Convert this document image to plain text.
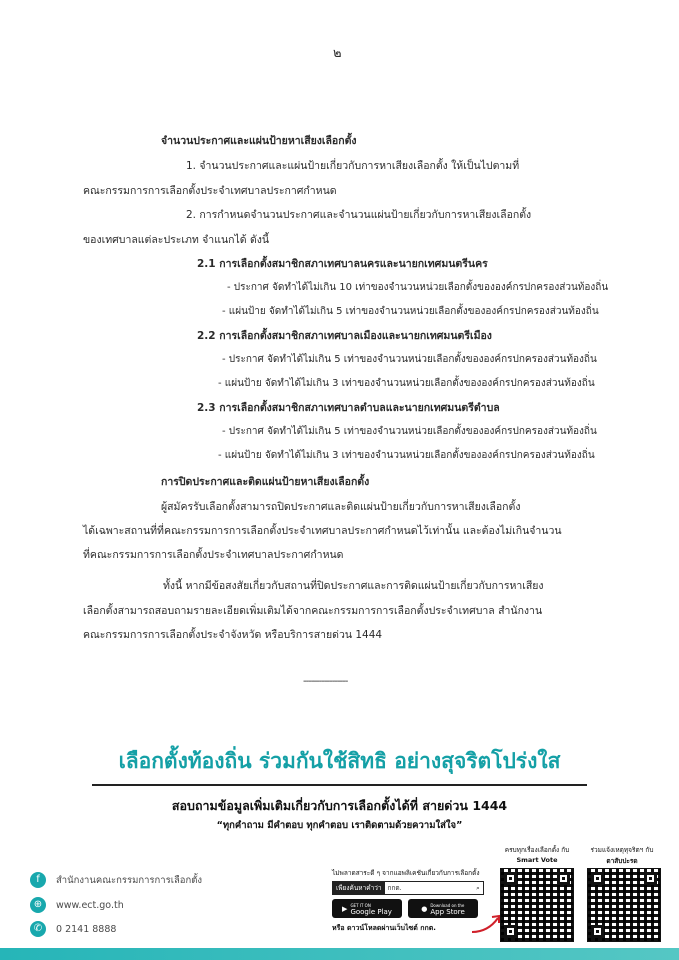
๒
จำนวนประกาศและแผ่นป้ายหาเสียงเลือกตั้ง
1. จำนวนประกาศและแผ่นป้ายเกี่ยวกับการหาเสียงเลือกตั้ง ให้เป็นไปตามที่
คณะกรรมการการเลือกตั้งประจำเทศบาลประกาศกำหนด
2. การกำหนดจำนวนประกาศและจำนวนแผ่นป้ายเกี่ยวกับการหาเสียงเลือกตั้ง
ของเทศบาลแต่ละประเภท จำแนกได้ ดังนี้
2.1 การเลือกตั้งสมาชิกสภาเทศบาลนครและนายกเทศมนตรีนคร
- ประกาศ จัดทำได้ไม่เกิน 10 เท่าของจำนวนหน่วยเลือกตั้งขององค์กรปกครองส่วนท้องถิ่น
- แผ่นป้าย จัดทำได้ไม่เกิน 5 เท่าของจำนวนหน่วยเลือกตั้งขององค์กรปกครองส่วนท้องถิ่น
2.2 การเลือกตั้งสมาชิกสภาเทศบาลเมืองและนายกเทศมนตรีเมือง
- ประกาศ จัดทำได้ไม่เกิน 5 เท่าของจำนวนหน่วยเลือกตั้งขององค์กรปกครองส่วนท้องถิ่น
- แผ่นป้าย จัดทำได้ไม่เกิน 3 เท่าของจำนวนหน่วยเลือกตั้งขององค์กรปกครองส่วนท้องถิ่น
2.3 การเลือกตั้งสมาชิกสภาเทศบาลตำบลและนายกเทศมนตรีตำบล
- ประกาศ จัดทำได้ไม่เกิน 5 เท่าของจำนวนหน่วยเลือกตั้งขององค์กรปกครองส่วนท้องถิ่น
- แผ่นป้าย จัดทำได้ไม่เกิน 3 เท่าของจำนวนหน่วยเลือกตั้งขององค์กรปกครองส่วนท้องถิ่น
การปิดประกาศและติดแผ่นป้ายหาเสียงเลือกตั้ง
ผู้สมัครรับเลือกตั้งสามารถปิดประกาศและติดแผ่นป้ายเกี่ยวกับการหาเสียงเลือกตั้ง
ได้เฉพาะสถานที่ที่คณะกรรมการการเลือกตั้งประจำเทศบาลประกาศกำหนดไว้เท่านั้น และต้องไม่เกินจำนวน
ที่คณะกรรมการการเลือกตั้งประจำเทศบาลประกาศกำหนด
ทั้งนี้ หากมีข้อสงสัยเกี่ยวกับสถานที่ปิดประกาศและการติดแผ่นป้ายเกี่ยวกับการหาเสียง
เลือกตั้งสามารถสอบถามรายละเอียดเพิ่มเติมได้จากคณะกรรมการการเลือกตั้งประจำเทศบาล สำนักงาน
คณะกรรมการการเลือกตั้งประจำจังหวัด หรือบริการสายด่วน 1444
-----------------
เลือกตั้งท้องถิ่น ร่วมกันใช้สิทธิ อย่างสุจริตโปร่งใส
สอบถามข้อมูลเพิ่มเติมเกี่ยวกับการเลือกตั้งได้ที่ สายด่วน 1444
“ทุกคำถาม มีคำตอบ ทุกคำตอบ เราติดตามด้วยความใส่ใจ”
f	สำนักงานคณะกรรมการการเลือกตั้ง
⊕	www.ect.go.th
✆	0 2141 8888
ไม่พลาดสาระดี ๆ จากแอพลิเคชันเกี่ยวกับการเลือกตั้ง
เพียงค้นหาคำว่า กกต.	⌕
▶ GET IT ON
Google Play	● Download on the
App Store
หรือ ดาวน์โหลดผ่านเว็บไซต์ กกต.
ครบทุกเรื่องเลือกตั้ง กับ
Smart Vote
ร่วมแจ้งเหตุทุจริตฯ กับ
ตาสับปะรด
